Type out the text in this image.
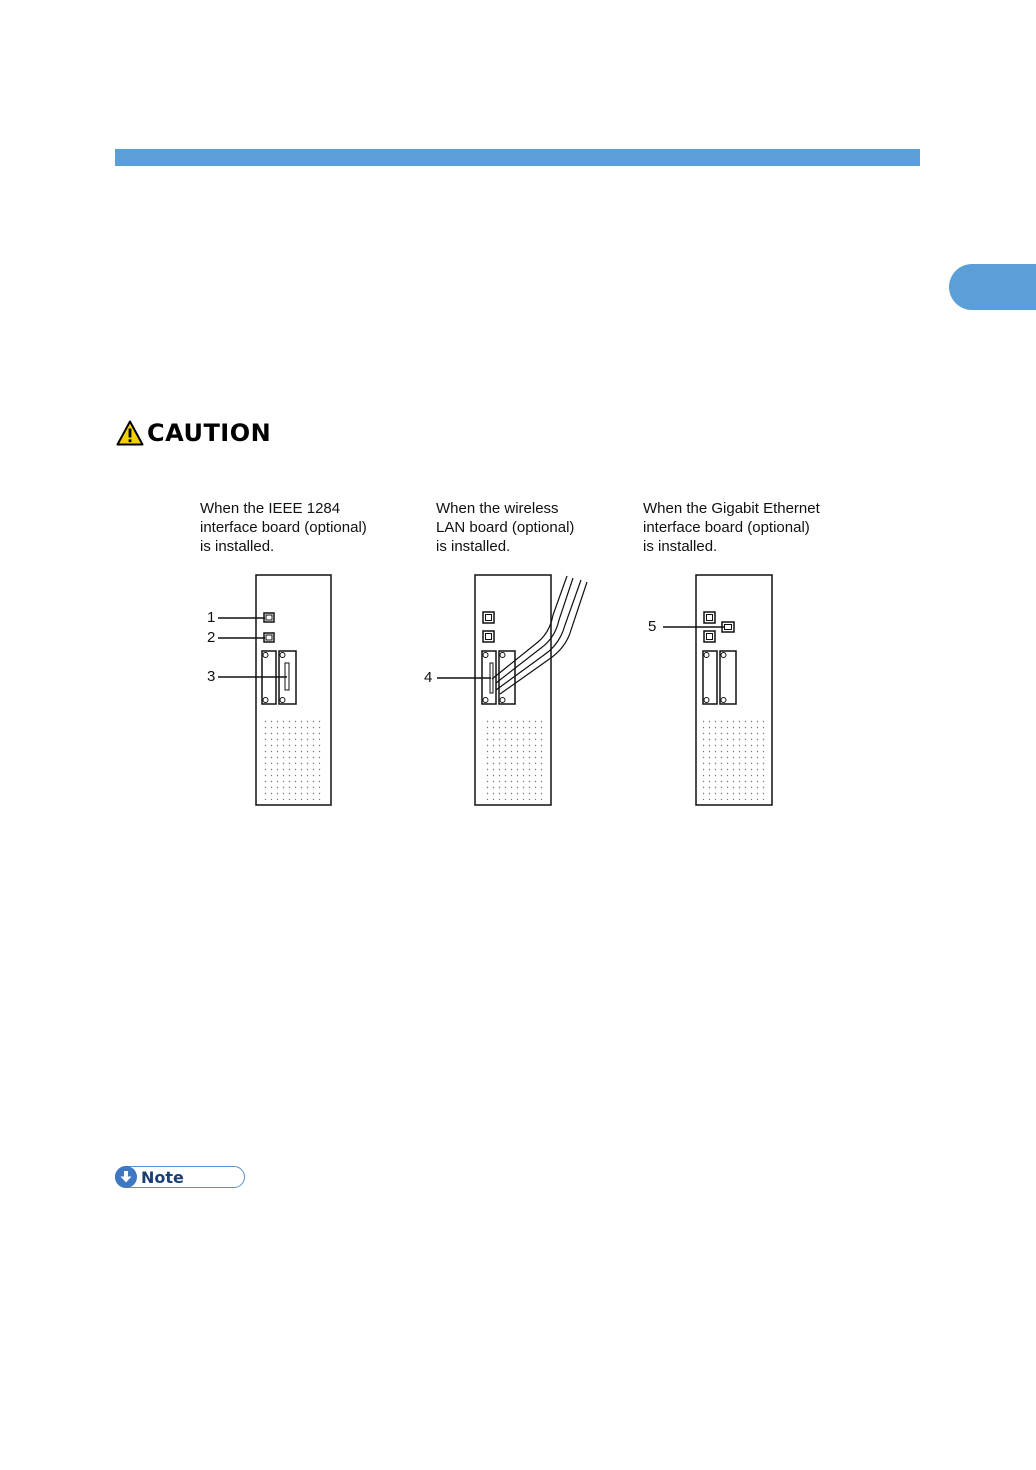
CAUTION
When the IEEE 1284
interface board (optional)
is installed.
When the wireless
LAN board (optional)
is installed.
When the Gigabit Ethernet
interface board (optional)
is installed.
1
2
3	4
5
Note
